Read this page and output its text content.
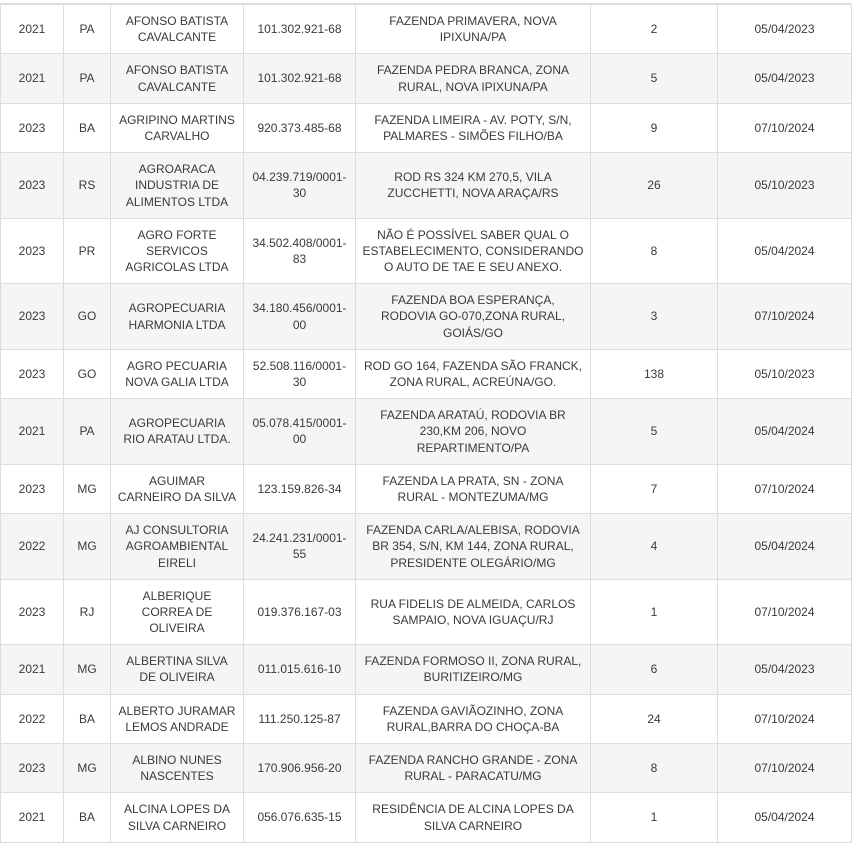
2021	PA	AFONSO BATISTA CAVALCANTE	101.302.921-68	FAZENDA PRIMAVERA, NOVA IPIXUNA/PA	2	05/04/2023
2021	PA	AFONSO BATISTA CAVALCANTE	101.302.921-68	FAZENDA PEDRA BRANCA, ZONA RURAL, NOVA IPIXUNA/PA	5	05/04/2023
2023	BA	AGRIPINO MARTINS CARVALHO	920.373.485-68	FAZENDA LIMEIRA - AV. POTY, S/N, PALMARES - SIMÕES FILHO/BA	9	07/10/2024
2023	RS	AGROARACA INDUSTRIA DE ALIMENTOS LTDA	04.239.719/0001-30	ROD RS 324 KM 270,5, VILA ZUCCHETTI, NOVA ARAÇA/RS	26	05/10/2023
2023	PR	AGRO FORTE SERVICOS AGRICOLAS LTDA	34.502.408/0001-83	NÃO É POSSÍVEL SABER QUAL O ESTABELECIMENTO, CONSIDERANDO O AUTO DE TAE E SEU ANEXO.	8	05/04/2024
2023	GO	AGROPECUARIA HARMONIA LTDA	34.180.456/0001-00	FAZENDA BOA ESPERANÇA, RODOVIA GO-070,ZONA RURAL, GOIÁS/GO	3	07/10/2024
2023	GO	AGRO PECUARIA NOVA GALIA LTDA	52.508.116/0001-30	ROD GO 164, FAZENDA SÃO FRANCK, ZONA RURAL, ACREÚNA/GO.	138	05/10/2023
2021	PA	AGROPECUARIA RIO ARATAU LTDA.	05.078.415/0001-00	FAZENDA ARATAÚ, RODOVIA BR 230,KM 206, NOVO REPARTIMENTO/PA	5	05/04/2024
2023	MG	AGUIMAR CARNEIRO DA SILVA	123.159.826-34	FAZENDA LA PRATA, SN - ZONA RURAL - MONTEZUMA/MG	7	07/10/2024
2022	MG	AJ CONSULTORIA AGROAMBIENTAL EIRELI	24.241.231/0001-55	FAZENDA CARLA/ALEBISA, RODOVIA BR 354, S/N, KM 144, ZONA RURAL, PRESIDENTE OLEGÁRIO/MG	4	05/04/2024
2023	RJ	ALBERIQUE CORREA DE OLIVEIRA	019.376.167-03	RUA FIDELIS DE ALMEIDA, CARLOS SAMPAIO, NOVA IGUAÇU/RJ	1	07/10/2024
2021	MG	ALBERTINA SILVA DE OLIVEIRA	011.015.616-10	FAZENDA FORMOSO II, ZONA RURAL, BURITIZEIRO/MG	6	05/04/2023
2022	BA	ALBERTO JURAMAR LEMOS ANDRADE	111.250.125-87	FAZENDA GAVIÃOZINHO, ZONA RURAL,BARRA DO CHOÇA-BA	24	07/10/2024
2023	MG	ALBINO NUNES NASCENTES	170.906.956-20	FAZENDA RANCHO GRANDE - ZONA RURAL - PARACATU/MG	8	07/10/2024
2021	BA	ALCINA LOPES DA SILVA CARNEIRO	056.076.635-15	RESIDÊNCIA DE ALCINA LOPES DA SILVA CARNEIRO	1	05/04/2024
